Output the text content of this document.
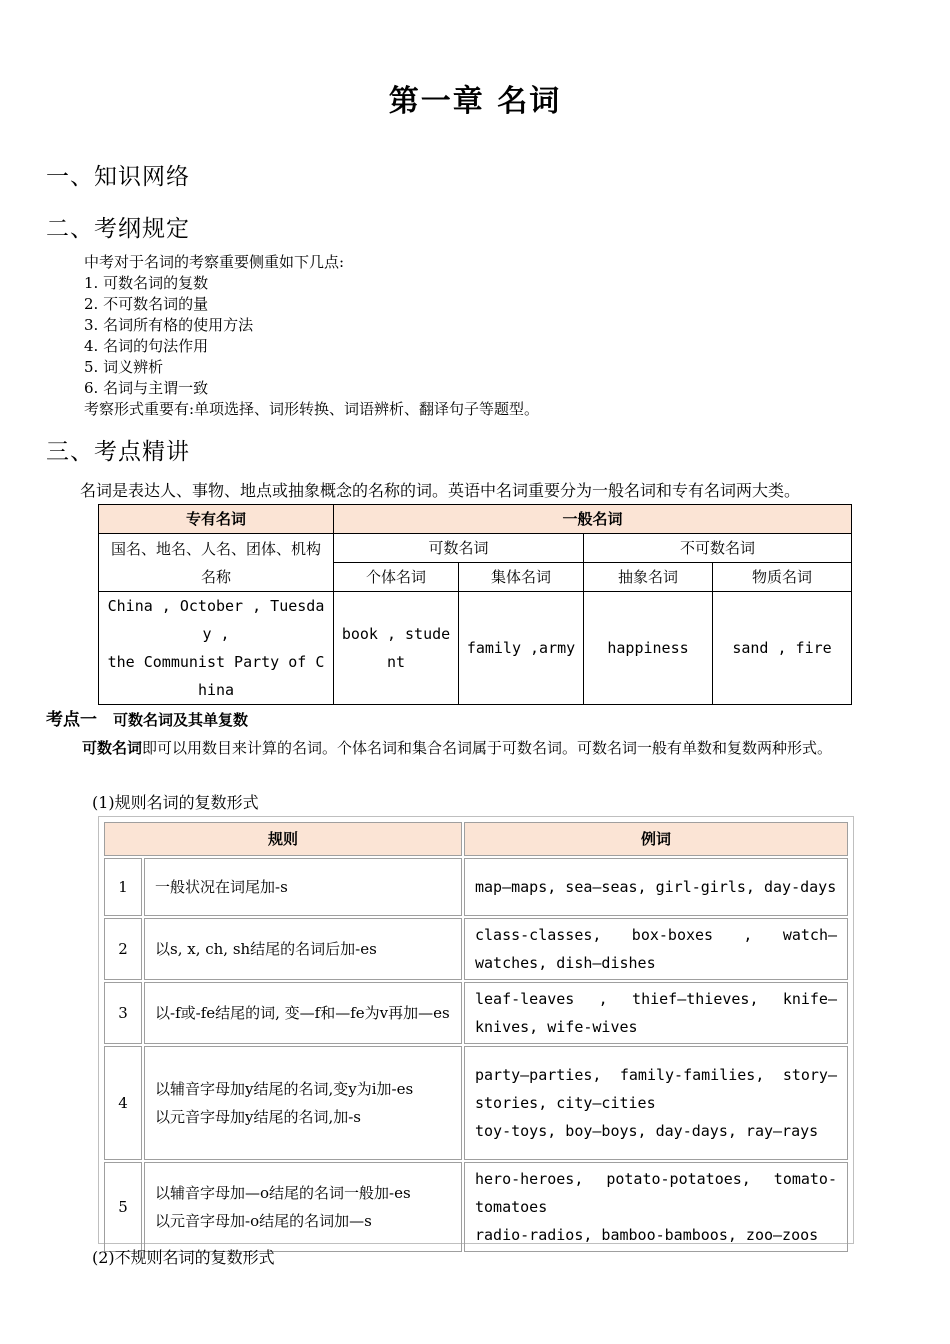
第一章 名词
一、知识网络
二、考纲规定
中考对于名词的考察重要侧重如下几点:
1. 可数名词的复数
2. 不可数名词的量
3. 名词所有格的使用方法
4. 名词的句法作用
5. 词义辨析
6. 名词与主谓一致
考察形式重要有:单项选择、词形转换、词语辨析、翻译句子等题型。
三、考点精讲
名词是表达人、事物、地点或抽象概念的名称的词。英语中名词重要分为一般名词和专有名词两大类。
专有名词	一般名词			
国名、地名、人名、团体、机构名称	可数名词		不可数名词	
	个体名词	集体名词	抽象名词	物质名词
China , October , Tuesday ,
the Communist Party of China	book , student	family ,army	happiness	sand , fire
考点一 可数名词及其单复数
可数名词即可以用数目来计算的名词。个体名词和集合名词属于可数名词。可数名词一般有单数和复数两种形式。
(1)规则名词的复数形式
规则		例词
1	一般状况在词尾加-s	map—maps, sea—seas, girl-girls, day-days
2	以s, x, ch, sh结尾的名词后加-es	class-classes, box-boxes , watch—watches, dish—dishes
3	以-f或-fe结尾的词, 变—f和—fe为v再加—es	leaf-leaves , thief—thieves, knife—knives, wife-wives
4	以辅音字母加y结尾的名词,变y为i加-es
以元音字母加y结尾的名词,加-s	party—parties, family-families, story—stories, city—cities
toy-toys, boy—boys, day-days, ray—rays
5	以辅音字母加—o结尾的名词一般加-es
以元音字母加-o结尾的名词加—s	hero-heroes, potato-potatoes, tomato-tomatoes
radio-radios, bamboo-bamboos, zoo—zoos
(2)不规则名词的复数形式
